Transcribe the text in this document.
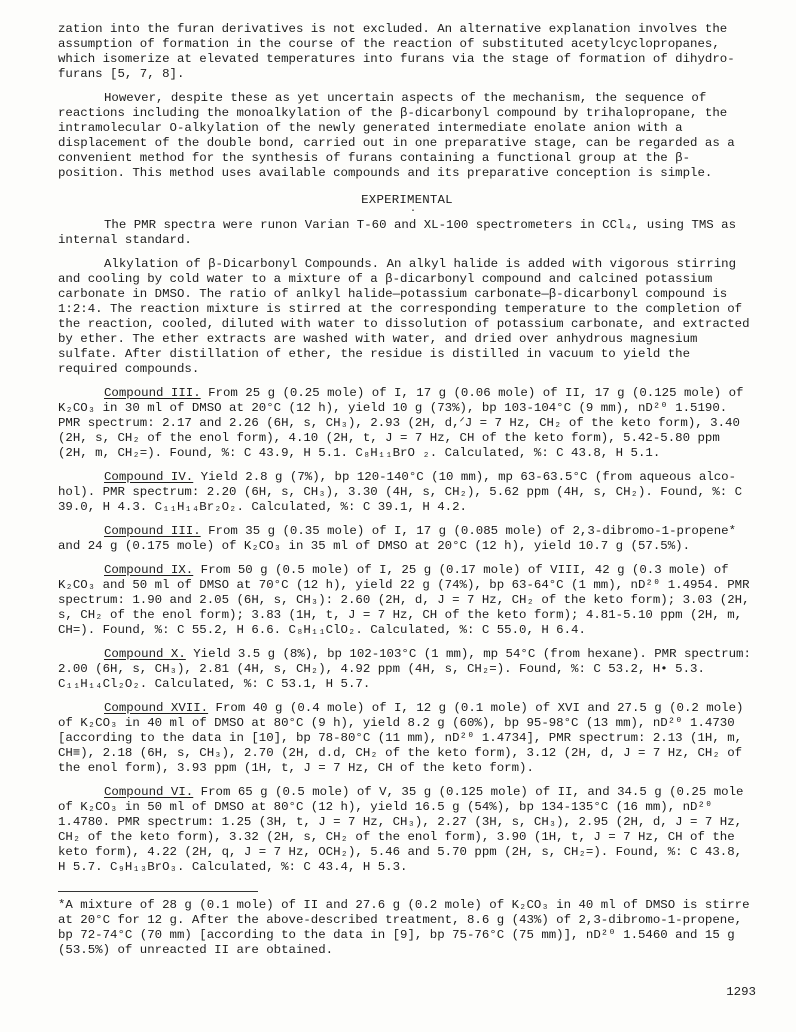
zation into the furan derivatives is not excluded. An alternative explanation involves the assumption of formation in the course of the reaction of substituted acetylcyclopropanes, which isomerize at elevated temperatures into furans via the stage of formation of dihydrofurans [5, 7, 8].

However, despite these as yet uncertain aspects of the mechanism, the sequence of reactions including the monoalkylation of the β-dicarbonyl compound by trihalopropane, the intramolecular O-alkylation of the newly generated intermediate enolate anion with a displacement of the double bond, carried out in one preparative stage, can be regarded as a convenient method for the synthesis of furans containing a functional group at the β-position. This method uses available compounds and its preparative conception is simple.

·

EXPERIMENTAL

The PMR spectra were runon Varian T-60 and XL-100 spectrometers in CCl₄, using TMS as internal standard.

Alkylation of β-Dicarbonyl Compounds. An alkyl halide is added with vigorous stirring and cooling by cold water to a mixture of a β-dicarbonyl compound and calcined potassium carbonate in DMSO. The ratio of anlkyl halide—potassium carbonate—β-dicarbonyl compound is 1:2:4. The reaction mixture is stirred at the corresponding temperature to the completion of the reaction, cooled, diluted with water to dissolution of potassium carbonate, and extracted by ether. The ether extracts are washed with water, and dried over anhydrous magnesium sulfate. After distillation of ether, the residue is distilled in vacuum to yield the required compounds.

Compound III. From 25 g (0.25 mole) of I, 17 g (0.06 mole) of II, 17 g (0.125 mole) of K₂CO₃ in 30 ml of DMSO at 20°C (12 h), yield 10 g (73%), bp 103-104°C (9 mm), nD²⁰ 1.5190. PMR spectrum: 2.17 and 2.26 (6H, s, CH₃), 2.93 (2H, d,ᐟJ = 7 Hz, CH₂ of the keto form), 3.40 (2H, s, CH₂ of the enol form), 4.10 (2H, t, J = 7 Hz, CH of the keto form), 5.42-5.80 ppm (2H, m, CH₂=). Found, %: C 43.9, H 5.1. C₈H₁₁BrO ₂. Calculated, %: C 43.8, H 5.1.

Compound IV. Yield 2.8 g (7%), bp 120-140°C (10 mm), mp 63-63.5°C (from aqueous alcohol). PMR spectrum: 2.20 (6H, s, CH₃), 3.30 (4H, s, CH₂), 5.62 ppm (4H, s, CH₂). Found, %: C 39.0, H 4.3. C₁₁H₁₄Br₂O₂. Calculated, %: C 39.1, H 4.2.

Compound III. From 35 g (0.35 mole) of I, 17 g (0.085 mole) of 2,3-dibromo-1-propene* and 24 g (0.175 mole) of K₂CO₃ in 35 ml of DMSO at 20°C (12 h), yield 10.7 g (57.5%).

Compound IX. From 50 g (0.5 mole) of I, 25 g (0.17 mole) of VIII, 42 g (0.3 mole) of K₂CO₃ and 50 ml of DMSO at 70°C (12 h), yield 22 g (74%), bp 63-64°C (1 mm), nD²⁰ 1.4954. PMR spectrum: 1.90 and 2.05 (6H, s, CH₃): 2.60 (2H, d, J = 7 Hz, CH₂ of the keto form); 3.03 (2H, s, CH₂ of the enol form); 3.83 (1H, t, J = 7 Hz, CH of the keto form); 4.81-5.10 ppm (2H, m, CH=). Found, %: C 55.2, H 6.6. C₈H₁₁ClO₂. Calculated, %: C 55.0, H 6.4.

Compound X. Yield 3.5 g (8%), bp 102-103°C (1 mm), mp 54°C (from hexane). PMR spectrum: 2.00 (6H, s, CH₃), 2.81 (4H, s, CH₂), 4.92 ppm (4H, s, CH₂=). Found, %: C 53.2, H• 5.3. C₁₁H₁₄Cl₂O₂. Calculated, %: C 53.1, H 5.7.

Compound XVII. From 40 g (0.4 mole) of I, 12 g (0.1 mole) of XVI and 27.5 g (0.2 mole) of K₂CO₃ in 40 ml of DMSO at 80°C (9 h), yield 8.2 g (60%), bp 95-98°C (13 mm), nD²⁰ 1.4730 [according to the data in [10], bp 78-80°C (11 mm), nD²⁰ 1.4734], PMR spectrum: 2.13 (1H, m, CH≡), 2.18 (6H, s, CH₃), 2.70 (2H, d.d, CH₂ of the keto form), 3.12 (2H, d, J = 7 Hz, CH₂ of the enol form), 3.93 ppm (1H, t, J = 7 Hz, CH of the keto form).

Compound VI. From 65 g (0.5 mole) of V, 35 g (0.125 mole) of II, and 34.5 g (0.25 mole of K₂CO₃ in 50 ml of DMSO at 80°C (12 h), yield 16.5 g (54%), bp 134-135°C (16 mm), nD²⁰ 1.4780. PMR spectrum: 1.25 (3H, t, J = 7 Hz, CH₃), 2.27 (3H, s, CH₃), 2.95 (2H, d, J = 7 Hz, CH₂ of the keto form), 3.32 (2H, s, CH₂ of the enol form), 3.90 (1H, t, J = 7 Hz, CH of the keto form), 4.22 (2H, q, J = 7 Hz, OCH₂), 5.46 and 5.70 ppm (2H, s, CH₂=). Found, %: C 43.8, H 5.7. C₉H₁₃BrO₃. Calculated, %: C 43.4, H 5.3.

*A mixture of 28 g (0.1 mole) of II and 27.6 g (0.2 mole) of K₂CO₃ in 40 ml of DMSO is stirre at 20°C for 12 g. After the above-described treatment, 8.6 g (43%) of 2,3-dibromo-1-propene, bp 72-74°C (70 mm) [according to the data in [9], bp 75-76°C (75 mm)], nD²⁰ 1.5460 and 15 g (53.5%) of unreacted II are obtained.

1293
